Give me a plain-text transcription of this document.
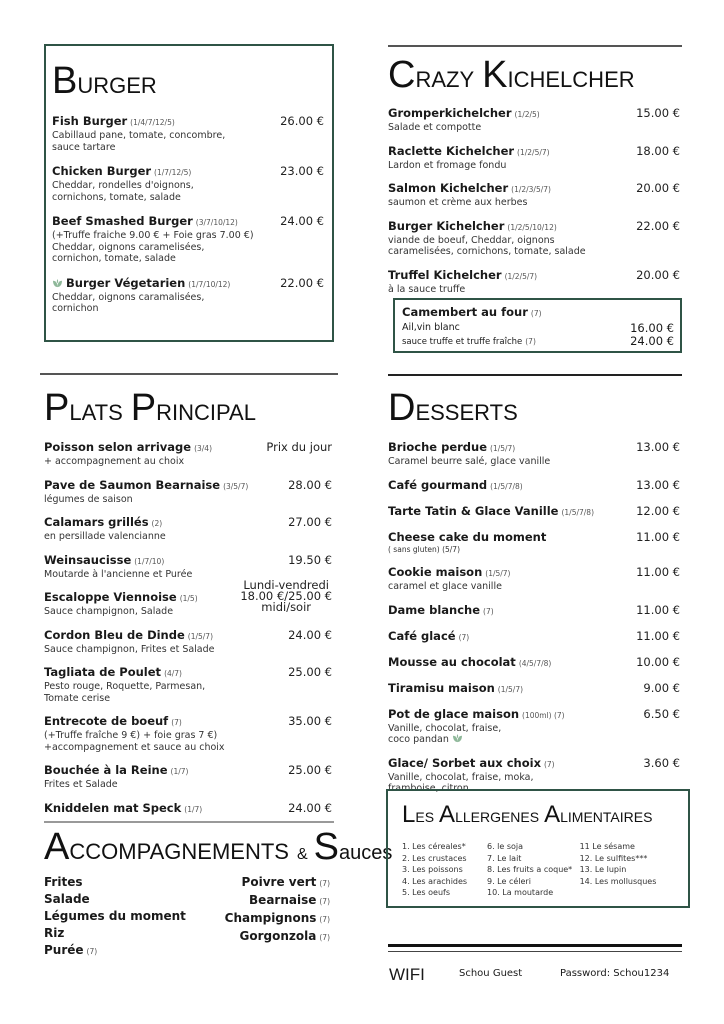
BURGER
Fish Burger (1/4/7/12/5)
Cabillaud pane, tomate, concombre,
sauce tartare
26.00 €
Chicken Burger (1/7/12/5)
Cheddar, rondelles d'oignons,
cornichons, tomate, salade
23.00 €
Beef Smashed Burger (3/7/10/12)
(+Truffe fraiche 9.00 € + Foie gras 7.00 €)
Cheddar, oignons caramelisées,
cornichon, tomate, salade
24.00 €
Burger Végetarien (1/7/10/12)
Cheddar, oignons caramalisées,
cornichon
22.00 €
CRAZY KICHELCHER
Gromperkichelcher (1/2/5)
Salade et compotte
15.00 €
Raclette Kichelcher (1/2/5/7)
Lardon et fromage fondu
18.00 €
Salmon Kichelcher (1/2/3/5/7)
saumon et crème aux herbes
20.00 €
Burger Kichelcher (1/2/5/10/12)
viande de boeuf, Cheddar, oignons
caramelisées, cornichons, tomate, salade
22.00 €
Truffel Kichelcher (1/2/5/7)
à la sauce truffe
20.00 €
Camembert au four (7)
Ail,vin blanc	16.00 €
sauce truffe et truffe fraîche (7)	24.00 €
PLATS PRINCIPAL
Poisson selon arrivage (3/4)
+ accompagnement au choix
Prix du jour
Pave de Saumon Bearnaise (3/5/7)
légumes de saison
28.00 €
Calamars grillés (2)
en persillade valencianne
27.00 €
Weinsaucisse (1/7/10)
Moutarde à l'ancienne et Purée
19.50 €
Escaloppe Viennoise (1/5)
Sauce champignon, Salade
Lundi-vendredi
18.00 €/25.00 €
midi/soir
Cordon Bleu de Dinde (1/5/7)
Sauce champignon, Frites et Salade
24.00 €
Tagliata de Poulet (4/7)
Pesto rouge, Roquette, Parmesan,
Tomate cerise
25.00 €
Entrecote de boeuf (7)
(+Truffe fraîche 9 €) + foie gras 7 €)
+accompagnement et sauce au choix
35.00 €
Bouchée à la Reine (1/7)
Frites et Salade
25.00 €
Kniddelen mat Speck (1/7)	24.00 €
DESSERTS
Brioche perdue (1/5/7)
Caramel beurre salé, glace vanille
13.00 €
Café gourmand (1/5/7/8)	13.00 €
Tarte Tatin & Glace Vanille (1/5/7/8)	12.00 €
Cheese cake du moment
( sans gluten) (5/7)
11.00 €
Cookie maison (1/5/7)
caramel et glace vanille
11.00 €
Dame blanche (7)	11.00 €
Café glacé (7)	11.00 €
Mousse au chocolat (4/5/7/8)	10.00 €
Tiramisu maison (1/5/7)	9.00 €
Pot de glace maison (100ml) (7)
Vanille, chocolat, fraise,
coco pandan
6.50 €
Glace/ Sorbet aux choix (7)
Vanille, chocolat, fraise, moka,
framboise, citron
3.60 €
ACCOMPAGNEMENTS & Sauces
Frites
Salade
Légumes du moment
Riz
Purée (7)
Poivre vert (7)
Bearnaise (7)
Champignons (7)
Gorgonzola (7)
LES ALLERGENES ALIMENTAIRES
1. Les céreales*
2. Les crustaces
3. Les poissons
4. Les arachides
5. Les oeufs
6. le soja
7. Le lait
8. Les fruits a coque*
9. Le céleri
10. La moutarde
11 Le sésame
12. Le sulfites***
13. Le lupin
14. Les mollusques
WIFI	Schou Guest	Password: Schou1234
